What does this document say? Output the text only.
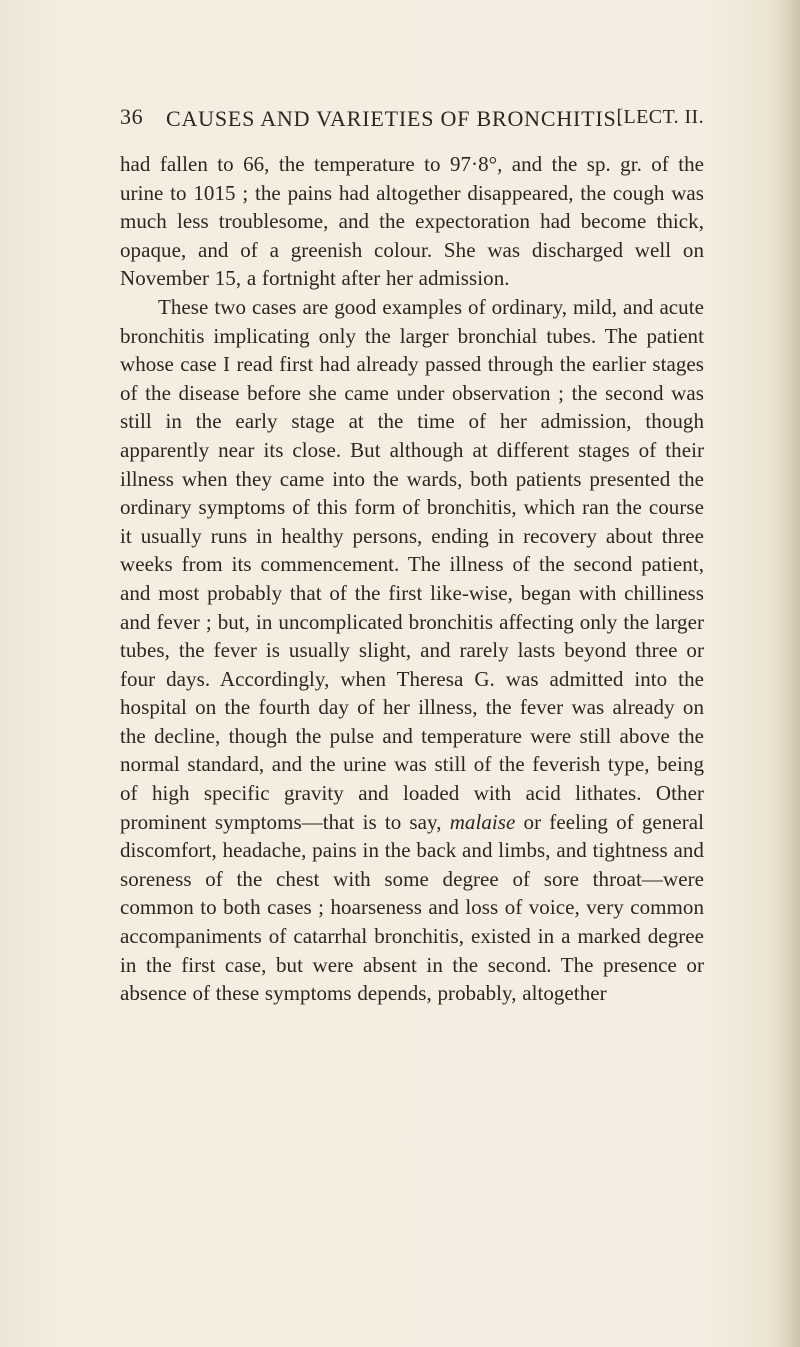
36 CAUSES AND VARIETIES OF BRONCHITIS.
[LECT. II.

had fallen to 66, the temperature to 97·8°, and the sp. gr. of the urine to 1015 ; the pains had altogether disappeared, the cough was much less troublesome, and the expectoration had become thick, opaque, and of a greenish colour. She was discharged well on November 15, a fortnight after her admission.

These two cases are good examples of ordinary, mild, and acute bronchitis implicating only the larger bronchial tubes. The patient whose case I read first had already passed through the earlier stages of the disease before she came under observation ; the second was still in the early stage at the time of her admission, though apparently near its close. But although at different stages of their illness when they came into the wards, both patients presented the ordinary symptoms of this form of bronchitis, which ran the course it usually runs in healthy persons, ending in recovery about three weeks from its commencement. The illness of the second patient, and most probably that of the first like-wise, began with chilliness and fever ; but, in uncomplicated bronchitis affecting only the larger tubes, the fever is usually slight, and rarely lasts beyond three or four days. Accordingly, when Theresa G. was admitted into the hospital on the fourth day of her illness, the fever was already on the decline, though the pulse and temperature were still above the normal standard, and the urine was still of the feverish type, being of high specific gravity and loaded with acid lithates. Other prominent symptoms—that is to say, malaise or feeling of general discomfort, headache, pains in the back and limbs, and tightness and soreness of the chest with some degree of sore throat—were common to both cases ; hoarseness and loss of voice, very common accompaniments of catarrhal bronchitis, existed in a marked degree in the first case, but were absent in the second. The presence or absence of these symptoms depends, probably, altogether
